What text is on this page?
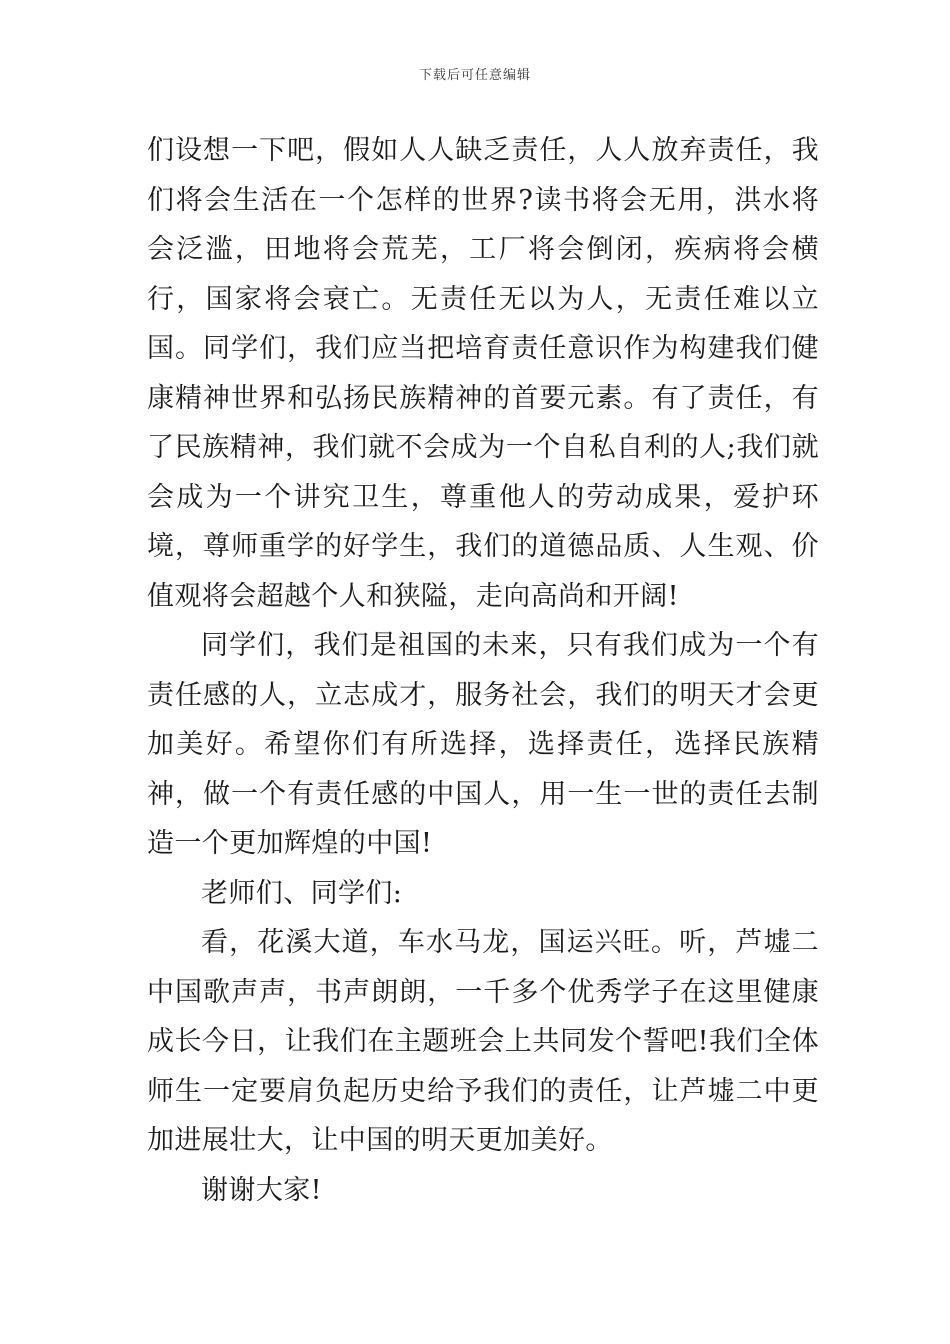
下载后可任意编辑

们设想一下吧，假如人人缺乏责任，人人放弃责任，我们将会生活在一个怎样的世界?读书将会无用，洪水将会泛滥，田地将会荒芜，工厂将会倒闭，疾病将会横行，国家将会衰亡。无责任无以为人，无责任难以立国。同学们，我们应当把培育责任意识作为构建我们健康精神世界和弘扬民族精神的首要元素。有了责任，有了民族精神，我们就不会成为一个自私自利的人;我们就会成为一个讲究卫生，尊重他人的劳动成果，爱护环境，尊师重学的好学生，我们的道德品质、人生观、价值观将会超越个人和狭隘，走向高尚和开阔!

同学们，我们是祖国的未来，只有我们成为一个有责任感的人，立志成才，服务社会，我们的明天才会更加美好。希望你们有所选择，选择责任，选择民族精神，做一个有责任感的中国人，用一生一世的责任去制造一个更加辉煌的中国!

老师们、同学们:

看，花溪大道，车水马龙，国运兴旺。听，芦墟二中国歌声声，书声朗朗，一千多个优秀学子在这里健康成长今日，让我们在主题班会上共同发个誓吧!我们全体师生一定要肩负起历史给予我们的责任，让芦墟二中更加进展壮大，让中国的明天更加美好。

谢谢大家!
